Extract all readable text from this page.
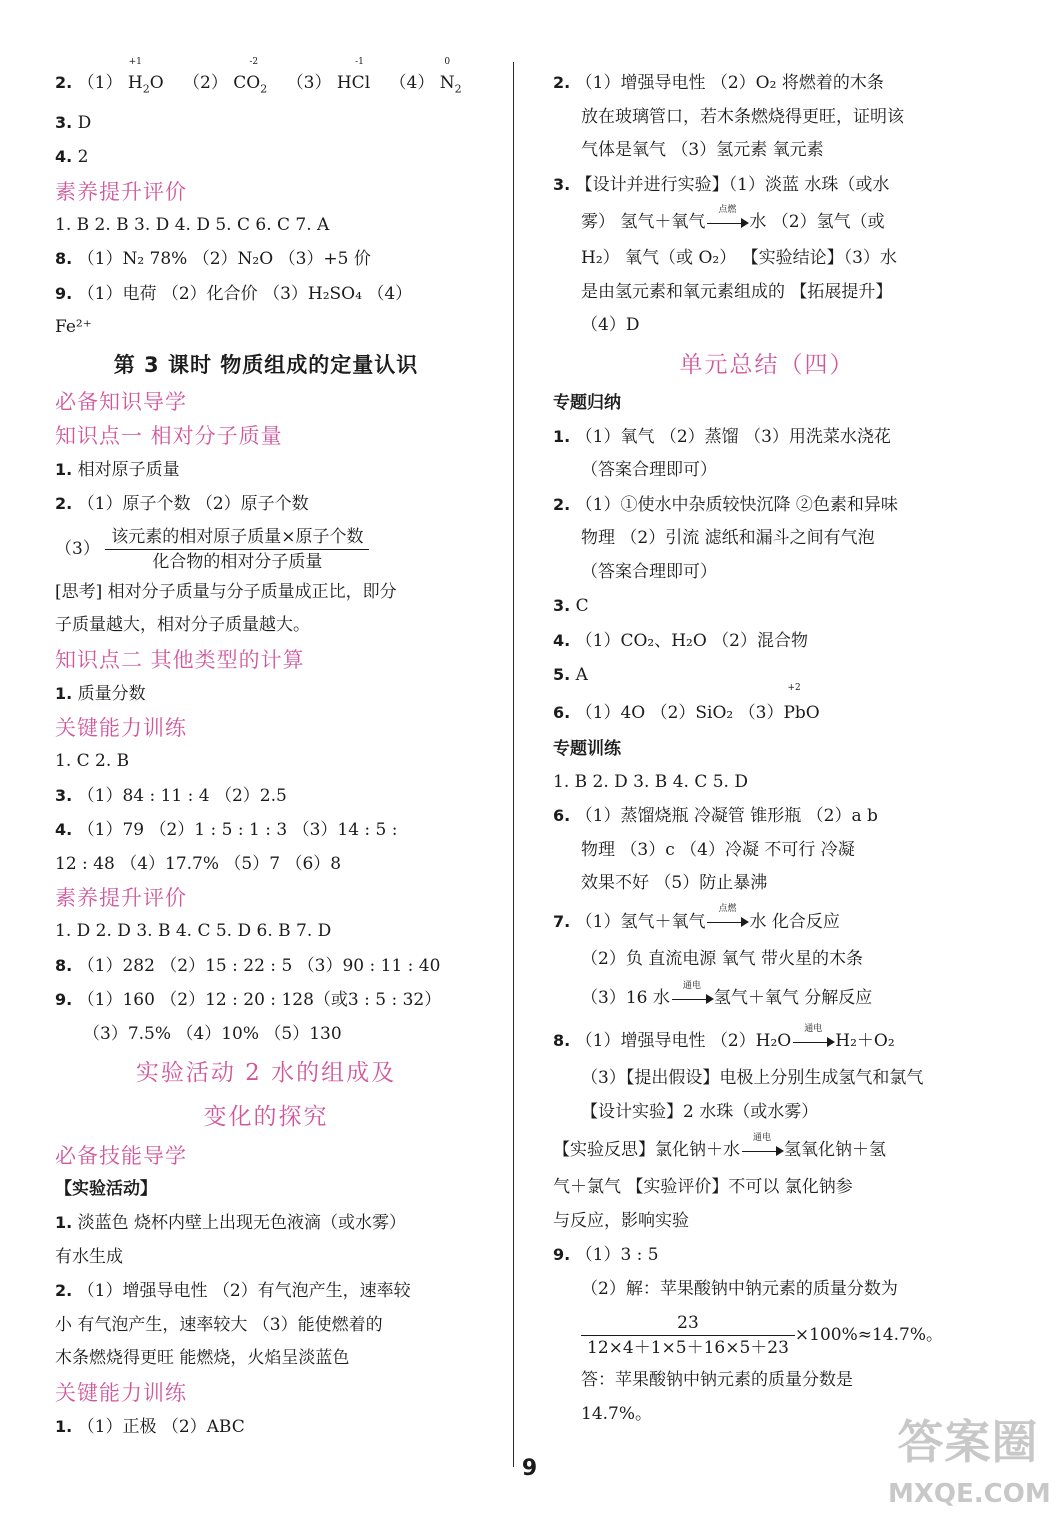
2. （1）
+1
$H_2O$ （2）
-2
$CO_2$ （3）
-1
HCl （4）
0
$N_2$
3. D
4. 2
素养提升评价
1. B 2. B 3. D 4. D 5. C 6. C 7. A
8. （1）N₂ 78% （2）N₂O （3）+5 价
9. （1）电荷 （2）化合价 （3）H₂SO₄ （4）
Fe²⁺
第 3 课时 物质组成的定量认识
必备知识导学
知识点一 相对分子质量
1. 相对原子质量
2. （1）原子个数 （2）原子个数
$(3) \frac{\text{该元素的相对原子质量×原子个数}}{\text{化合物的相对分子质量}}$
[思考] 相对分子质量与分子质量成正比，即分
子质量越大，相对分子质量越大。
知识点二 其他类型的计算
1. 质量分数
关键能力训练
1. C 2. B
3. （1）84 : 11 : 4 （2）2.5
4. （1）79 （2）1 : 5 : 1 : 3 （3）14 : 5 :
12 : 48 （4）17.7% （5）7 （6）8
素养提升评价
1. D 2. D 3. B 4. C 5. D 6. B 7. D
8. （1）282 （2）15 : 22 : 5 （3）90 : 11 : 40
9. （1）160 （2）12 : 20 : 128（或3 : 5 : 32）
（3）7.5% （4）10% （5）130
实验活动 2 水的组成及
变化的探究
必备技能导学
【实验活动】
1. 淡蓝色 烧杯内壁上出现无色液滴（或水雾）
有水生成
2. （1）增强导电性 （2）有气泡产生，速率较
小 有气泡产生，速率较大 （3）能使燃着的
木条燃烧得更旺 能燃烧，火焰呈淡蓝色
关键能力训练
1. （1）正极 （2）ABC
2. （1）增强导电性 （2）O₂ 将燃着的木条
放在玻璃管口，若木条燃烧得更旺，证明该
气体是氧气 （3）氢元素 氧元素
3. 【设计并进行实验】（1）淡蓝 水珠（或水
雾） 氢气＋氧气
点燃
水 （2）氢气（或
H₂） 氧气（或 O₂） 【实验结论】（3）水
是由氢元素和氧元素组成的 【拓展提升】
（4）D
单元总结（四）
专题归纳
1. （1）氧气 （2）蒸馏 （3）用洗菜水浇花
（答案合理即可）
2. （1）①使水中杂质较快沉降 ②色素和异味
物理 （2）引流 滤纸和漏斗之间有气泡
（答案合理即可）
3. C
4. （1）CO₂、H₂O （2）混合物
5. A
6. （1）4O （2）SiO₂ （3）
+2
PbO
专题训练
1. B 2. D 3. B 4. C 5. D
6. （1）蒸馏烧瓶 冷凝管 锥形瓶 （2）a b
物理 （3）c （4）冷凝 不可行 冷凝
效果不好 （5）防止暴沸
7. （1）氢气＋氧气
点燃
水 化合反应
（2）负 直流电源 氧气 带火星的木条
（3）16 水
通电
氢气＋氧气 分解反应
8. （1）增强导电性 （2）H₂O
通电
H₂＋O₂
（3）【提出假设】电极上分别生成氢气和氯气
【设计实验】2 水珠（或水雾）
【实验反思】氯化钠＋水
通电
氢氧化钠＋氢
气＋氯气 【实验评价】不可以 氯化钠参
与反应，影响实验
9. （1）3 : 5
（2）解：苹果酸钠中钠元素的质量分数为
$\frac{23}{12\times 4+1\times 5+16\times 5+23} \times 100\%\approx 14.7\%$。
答：苹果酸钠中钠元素的质量分数是
14.7%。
9	答案圈
MXQE.COM
